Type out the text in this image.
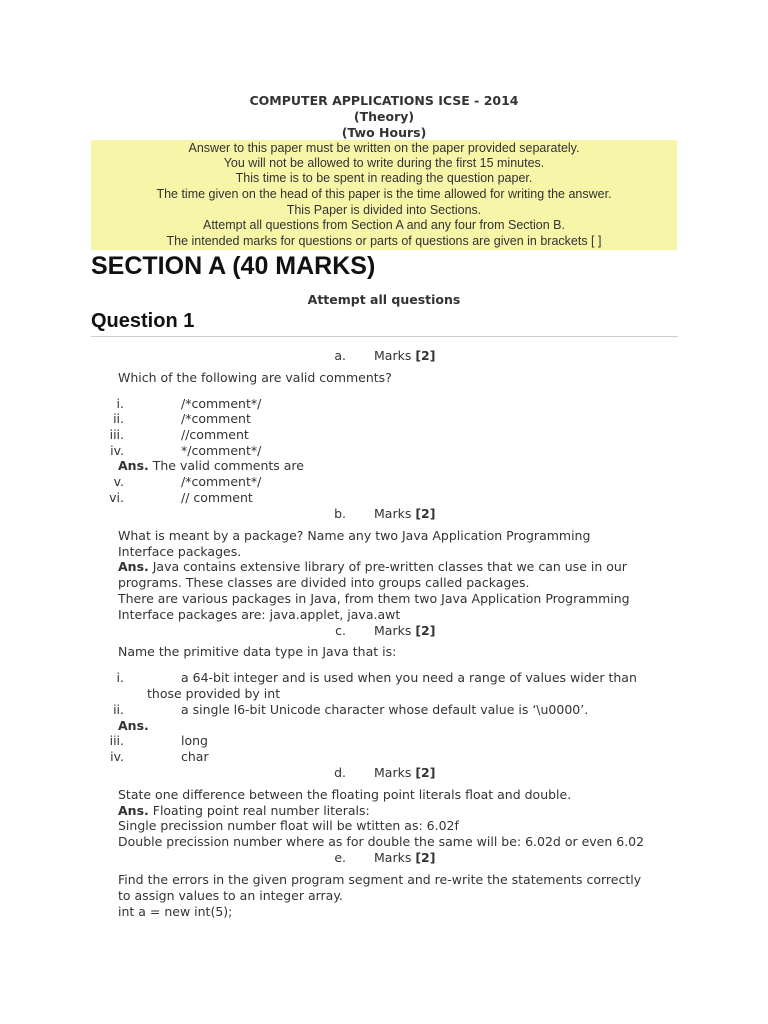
COMPUTER APPLICATIONS ICSE - 2014
(Theory)
(Two Hours)
Answer to this paper must be written on the paper provided separately.
You will not be allowed to write during the first 15 minutes.
This time is to be spent in reading the question paper.
The time given on the head of this paper is the time allowed for writing the answer.
This Paper is divided into Sections.
Attempt all questions from Section A and any four from Section B.
The intended marks for questions or parts of questions are given in brackets [ ]
SECTION A (40 MARKS)
Attempt all questions
Question 1
a. Marks [2]
Which of the following are valid comments?
i.	/*comment*/
ii.	/*comment
iii.	//comment
iv.	*/comment*/
Ans. The valid comments are
v.	/*comment*/
vi.	// comment
b. Marks [2]
What is meant by a package? Name any two Java Application Programming
Interface packages.
Ans. Java contains extensive library of pre-written classes that we can use in our
programs. These classes are divided into groups called packages.
There are various packages in Java, from them two Java Application Programming
Interface packages are: java.applet, java.awt
c. Marks [2]
Name the primitive data type in Java that is:
i.	a 64-bit integer and is used when you need a range of values wider than
those provided by int
ii.	a single l6-bit Unicode character whose default value is ‘\u0000’.
Ans.
iii.	long
iv.	char
d. Marks [2]
State one difference between the floating point literals float and double.
Ans. Floating point real number literals:
Single precission number float will be wtitten as: 6.02f
Double precission number where as for double the same will be: 6.02d or even 6.02
e. Marks [2]
Find the errors in the given program segment and re-write the statements correctly
to assign values to an integer array.
int a = new int(5);
